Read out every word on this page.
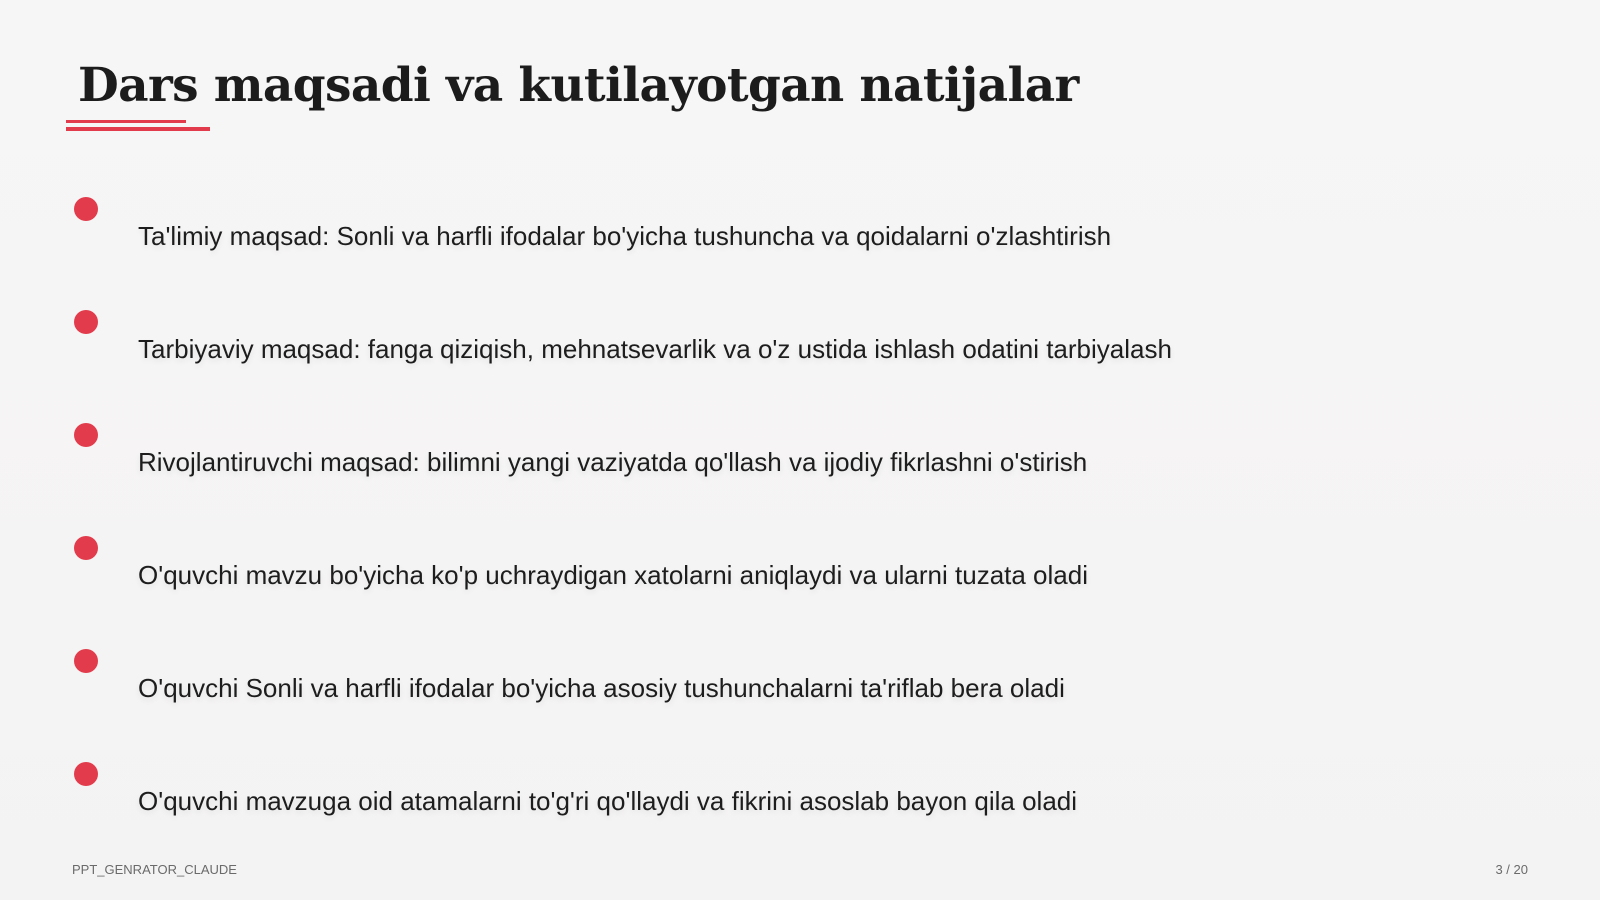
Dars maqsadi va kutilayotgan natijalar
Ta'limiy maqsad: Sonli va harfli ifodalar bo'yicha tushuncha va qoidalarni o'zlashtirish
Tarbiyaviy maqsad: fanga qiziqish, mehnatsevarlik va o'z ustida ishlash odatini tarbiyalash
Rivojlantiruvchi maqsad: bilimni yangi vaziyatda qo'llash va ijodiy fikrlashni o'stirish
O'quvchi mavzu bo'yicha ko'p uchraydigan xatolarni aniqlaydi va ularni tuzata oladi
O'quvchi Sonli va harfli ifodalar bo'yicha asosiy tushunchalarni ta'riflab bera oladi
O'quvchi mavzuga oid atamalarni to'g'ri qo'llaydi va fikrini asoslab bayon qila oladi
PPT_GENRATOR_CLAUDE	3 / 20
